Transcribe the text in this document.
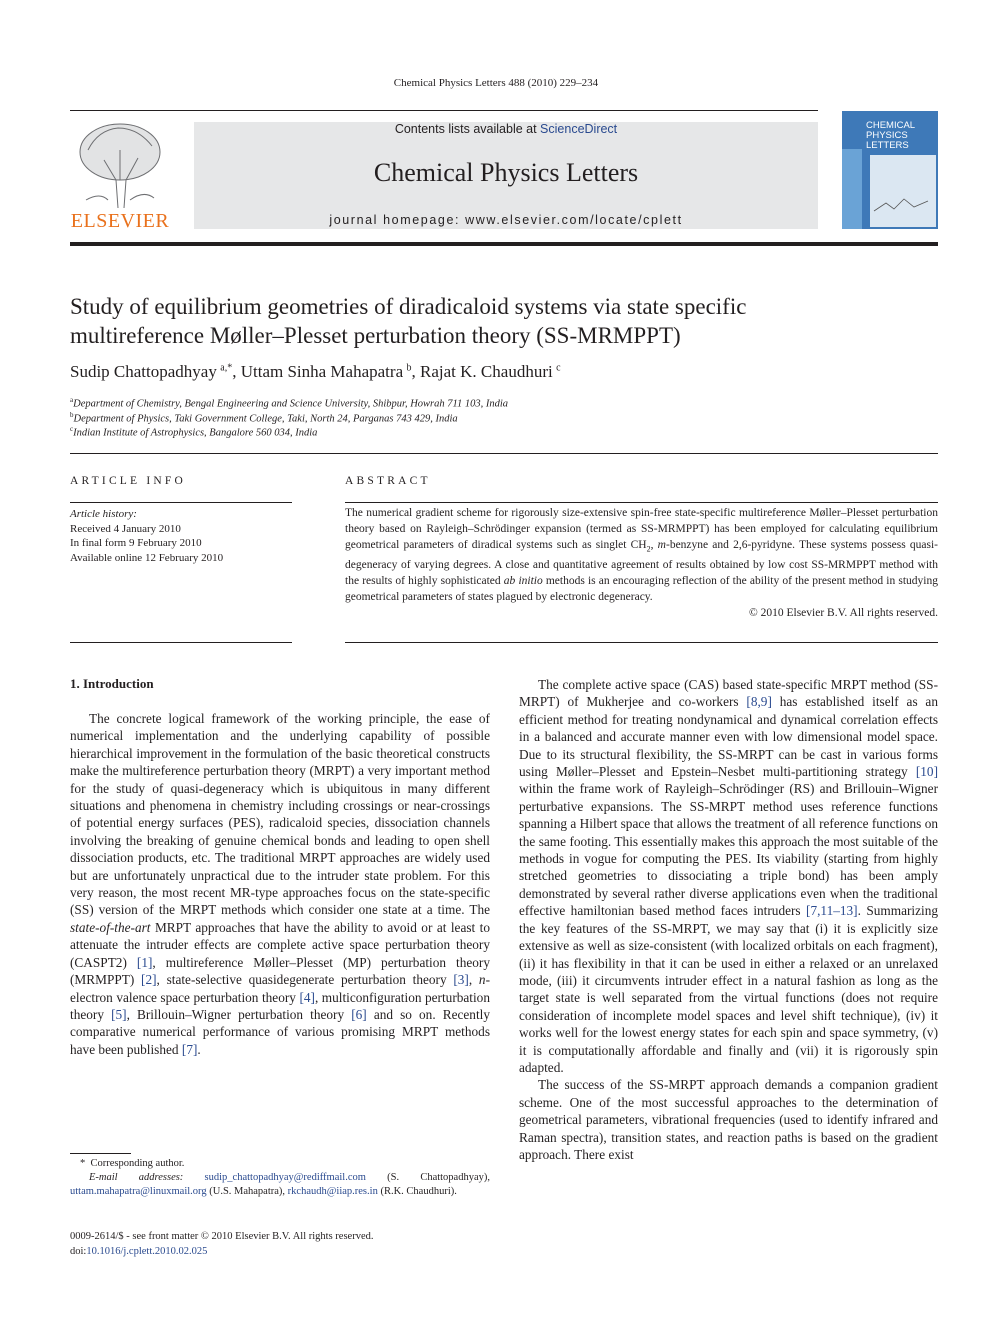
Chemical Physics Letters 488 (2010) 229–234
ELSEVIER
Contents lists available at ScienceDirect
Chemical Physics Letters
journal homepage: www.elsevier.com/locate/cplett
CHEMICAL
PHYSICS
LETTERS
Study of equilibrium geometries of diradicaloid systems via state specific
multireference Møller–Plesset perturbation theory (SS-MRMPPT)
Sudip Chattopadhyay  $^{a,*}$, Uttam Sinha Mahapatra  $^b$, Rajat K. Chaudhuri  $^c$
$^a$Department of Chemistry, Bengal Engineering and Science University, Shibpur, Howrah 711 103, India
$^b$Department of Physics, Taki Government College, Taki, North 24, Parganas 743 429, India
$^c$Indian Institute of Astrophysics, Bangalore 560 034, India
ARTICLE INFO
Article history:
Received 4 January 2010
In final form 9 February 2010
Available online 12 February 2010
ABSTRACT
The numerical gradient scheme for rigorously size-extensive spin-free state-specific multireference Møller–Plesset perturbation theory based on Rayleigh–Schrödinger expansion (termed as SS-MRMPPT) has been employed for calculating equilibrium geometrical parameters of diradical systems such as singlet $CH_2$, m-benzyne and 2,6-pyridyne. These systems possess quasi-degeneracy of varying degrees. A close and quantitative agreement of results obtained by low cost SS-MRMPPT method with the results of highly sophisticated ab initio methods is an encouraging reflection of the ability of the present method in studying geometrical parameters of states plagued by electronic degeneracy.
© 2010 Elsevier B.V. All rights reserved.
1. Introduction

The concrete logical framework of the working principle, the ease of numerical implementation and the underlying capability of possible hierarchical improvement in the formulation of the basic theoretical constructs make the multireference perturbation theory (MRPT) a very important method for the study of quasi-degeneracy which is ubiquitous in many different situations and phenomena in chemistry including crossings or near-crossings of potential energy surfaces (PES), radicaloid species, dissociation channels involving the breaking of genuine chemical bonds and leading to open shell dissociation products, etc. The traditional MRPT approaches are widely used but are unfortunately unpractical due to the intruder state problem. For this very reason, the most recent MR-type approaches focus on the state-specific (SS) version of the MRPT methods which consider one state at a time. The state-of-the-art MRPT approaches that have the ability to avoid or at least to attenuate the intruder effects are complete active space perturbation theory (CASPT2) [1], multireference Møller–Plesset (MP) perturbation theory (MRMPPT) [2], state-selective quasidegenerate perturbation theory [3], n-electron valence space perturbation theory [4], multiconfiguration perturbation theory [5], Brillouin–Wigner perturbation theory [6] and so on. Recently comparative numerical performance of various promising MRPT methods have been published [7].

The complete active space (CAS) based state-specific MRPT method (SS-MRPT) of Mukherjee and co-workers [8,9] has established itself as an efficient method for treating nondynamical and dynamical correlation effects in a balanced and accurate manner even with low dimensional model space. Due to its structural flexibility, the SS-MRPT can be cast in various forms using Møller–Plesset and Epstein–Nesbet multi-partitioning strategy [10] within the frame work of Rayleigh–Schrödinger (RS) and Brillouin–Wigner perturbative expansions. The SS-MRPT method uses reference functions spanning a Hilbert space that allows the treatment of all reference functions on the same footing. This essentially makes this approach the most suitable of the methods in vogue for computing the PES. Its viability (starting from highly stretched geometries to dissociating a triple bond) has been amply demonstrated by several rather diverse applications even when the traditional effective hamiltonian based method faces intruders [7,11–13]. Summarizing the key features of the SS-MRPT, we may say that (i) it is explicitly size extensive as well as size-consistent (with localized orbitals on each fragment), (ii) it has flexibility in that it can be used in either a relaxed or an unrelaxed mode, (iii) it circumvents intruder effect in a natural fashion as long as the target state is well separated from the virtual functions (does not require consideration of incomplete model spaces and level shift technique), (iv) it works well for the lowest energy states for each spin and space symmetry, (v) it is computationally affordable and finally and (vii) it is rigorously spin adapted.

The success of the SS-MRPT approach demands a companion gradient scheme. One of the most successful approaches to the determination of geometrical parameters, vibrational frequencies (used to identify infrared and Raman spectra), transition states, and reaction paths is based on the gradient approach. There exist

* Corresponding author.
E-mail addresses: sudip_chattopadhyay@rediffmail.com (S. Chattopadhyay), uttam.mahapatra@linuxmail.org (U.S. Mahapatra), rkchaudh@iiap.res.in (R.K. Chaudhuri).
0009-2614/$ - see front matter © 2010 Elsevier B.V. All rights reserved.
doi:10.1016/j.cplett.2010.02.025
